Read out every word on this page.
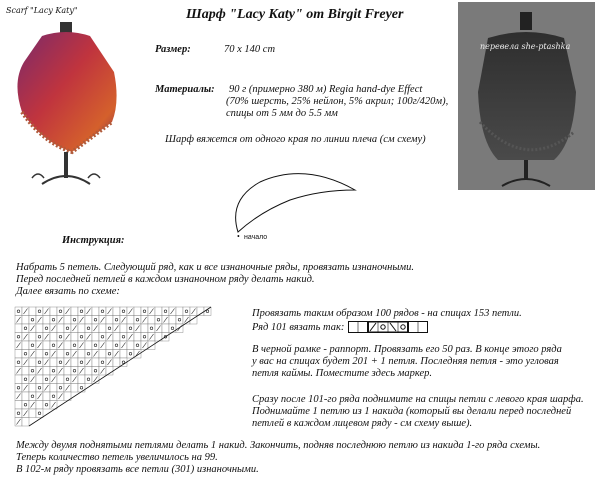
Scarf "Lacy Katy"
перевела she-ptashka
Шарф "Lacy Katy" от Birgit Freyer
Размер:	70 x 140 cm
Материалы: 90 г (примерно 380 м) Regia hand-dye Effect
(70% шерсть, 25% нейлон, 5% акрил; 100г/420м),
спицы от 5 мм до 5.5 мм
Шарф вяжется от одного края по линии плеча (см схему)
• начало
Инструкция:
Набрать 5 петель. Следующий ряд, как и все изнаночные ряды, провязать изнаночными.
Перед последней петлей в каждом изнаночном ряду делать накид.
Далее вязать по схеме:
Провязать таким образом 100 рядов - на спицах 153 петли.
Ряд 101 вязать так:
В черной рамке - раппорт. Провязать его 50 раз. В конце этого ряда
у вас на спицах будет 201 + 1 петля. Последняя петля - это угловая
петля каймы. Поместите здесь маркер.
Сразу после 101-го ряда поднимите на спицы петли с левого края шарфа.
Поднимайте 1 петлю из 1 накида (который вы делали перед последней
петлей в каждом лицевом ряду - см схему выше).
Между двумя поднятыми петлями делать 1 накид. Закончить, подняв последнюю петлю из накида 1-го ряда схемы.
Теперь количество петель увеличилось на 99.
В 102-м ряду провязать все петли (301) изнаночными.
